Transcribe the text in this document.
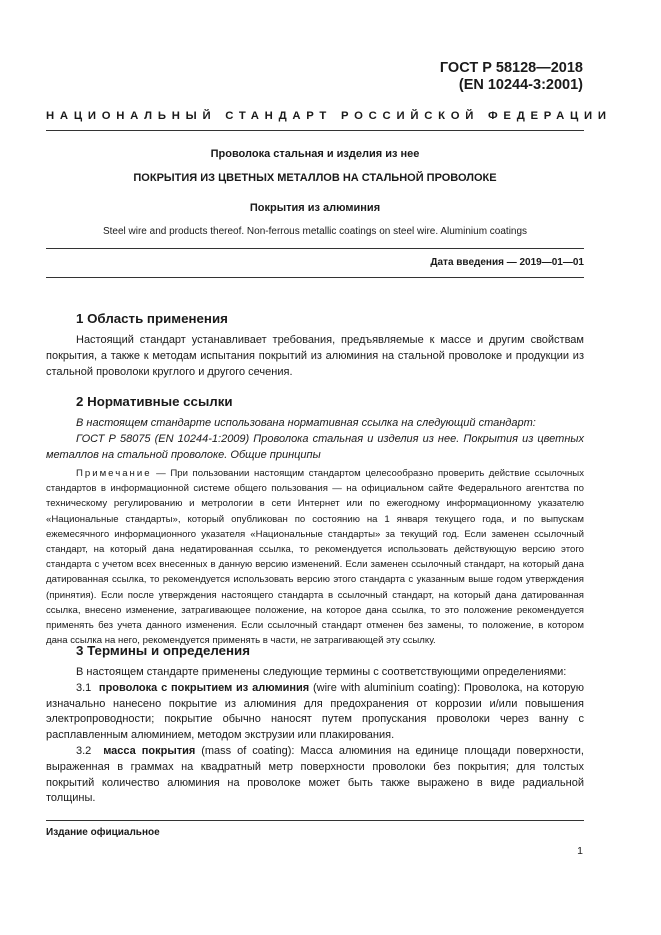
ГОСТ Р 58128—2018
(EN 10244-3:2001)
НАЦИОНАЛЬНЫЙ СТАНДАРТ РОССИЙСКОЙ ФЕДЕРАЦИИ
Проволока стальная и изделия из нее
ПОКРЫТИЯ ИЗ ЦВЕТНЫХ МЕТАЛЛОВ НА СТАЛЬНОЙ ПРОВОЛОКЕ
Покрытия из алюминия
Steel wire and products thereof. Non-ferrous metallic coatings on steel wire. Aluminium coatings
Дата введения — 2019—01—01
1 Область применения
Настоящий стандарт устанавливает требования, предъявляемые к массе и другим свойствам покрытия, а также к методам испытания покрытий из алюминия на стальной проволоке и продукции из стальной проволоки круглого и другого сечения.
2 Нормативные ссылки

В настоящем стандарте использована нормативная ссылка на следующий стандарт:

ГОСТ Р 58075 (EN 10244-1:2009) Проволока стальная и изделия из нее. Покрытия из цветных металлов на стальной проволоке. Общие принципы

Примечание — При пользовании настоящим стандартом целесообразно проверить действие ссылочных стандартов в информационной системе общего пользования — на официальном сайте Федерального агентства по техническому регулированию и метрологии в сети Интернет или по ежегодному информационному указателю «Национальные стандарты», который опубликован по состоянию на 1 января текущего года, и по выпускам ежемесячного информационного указателя «Национальные стандарты» за текущий год. Если заменен ссылочный стандарт, на который дана недатированная ссылка, то рекомендуется использовать действующую версию этого стандарта с учетом всех внесенных в данную версию изменений. Если заменен ссылочный стандарт, на который дана датированная ссылка, то рекомендуется использовать версию этого стандарта с указанным выше годом утверждения (принятия). Если после утверждения настоящего стандарта в ссылочный стандарт, на который дана датированная ссылка, внесено изменение, затрагивающее положение, на которое дана ссылка, то это положение рекомендуется применять без учета данного изменения. Если ссылочный стандарт отменен без замены, то положение, в котором дана ссылка на него, рекомендуется применять в части, не затрагивающей эту ссылку.
3 Термины и определения

В настоящем стандарте применены следующие термины с соответствующими определениями:

3.1 проволока с покрытием из алюминия (wire with aluminium coating): Проволока, на которую изначально нанесено покрытие из алюминия для предохранения от коррозии и/или повышения электропроводности; покрытие обычно наносят путем пропускания проволоки через ванну с расплавленным алюминием, методом экструзии или плакирования.

3.2 масса покрытия (mass of coating): Масса алюминия на единице площади поверхности, выраженная в граммах на квадратный метр поверхности проволоки без покрытия; для толстых покрытий количество алюминия на проволоке может быть также выражено в виде радиальной толщины.

Издание официальное
1
